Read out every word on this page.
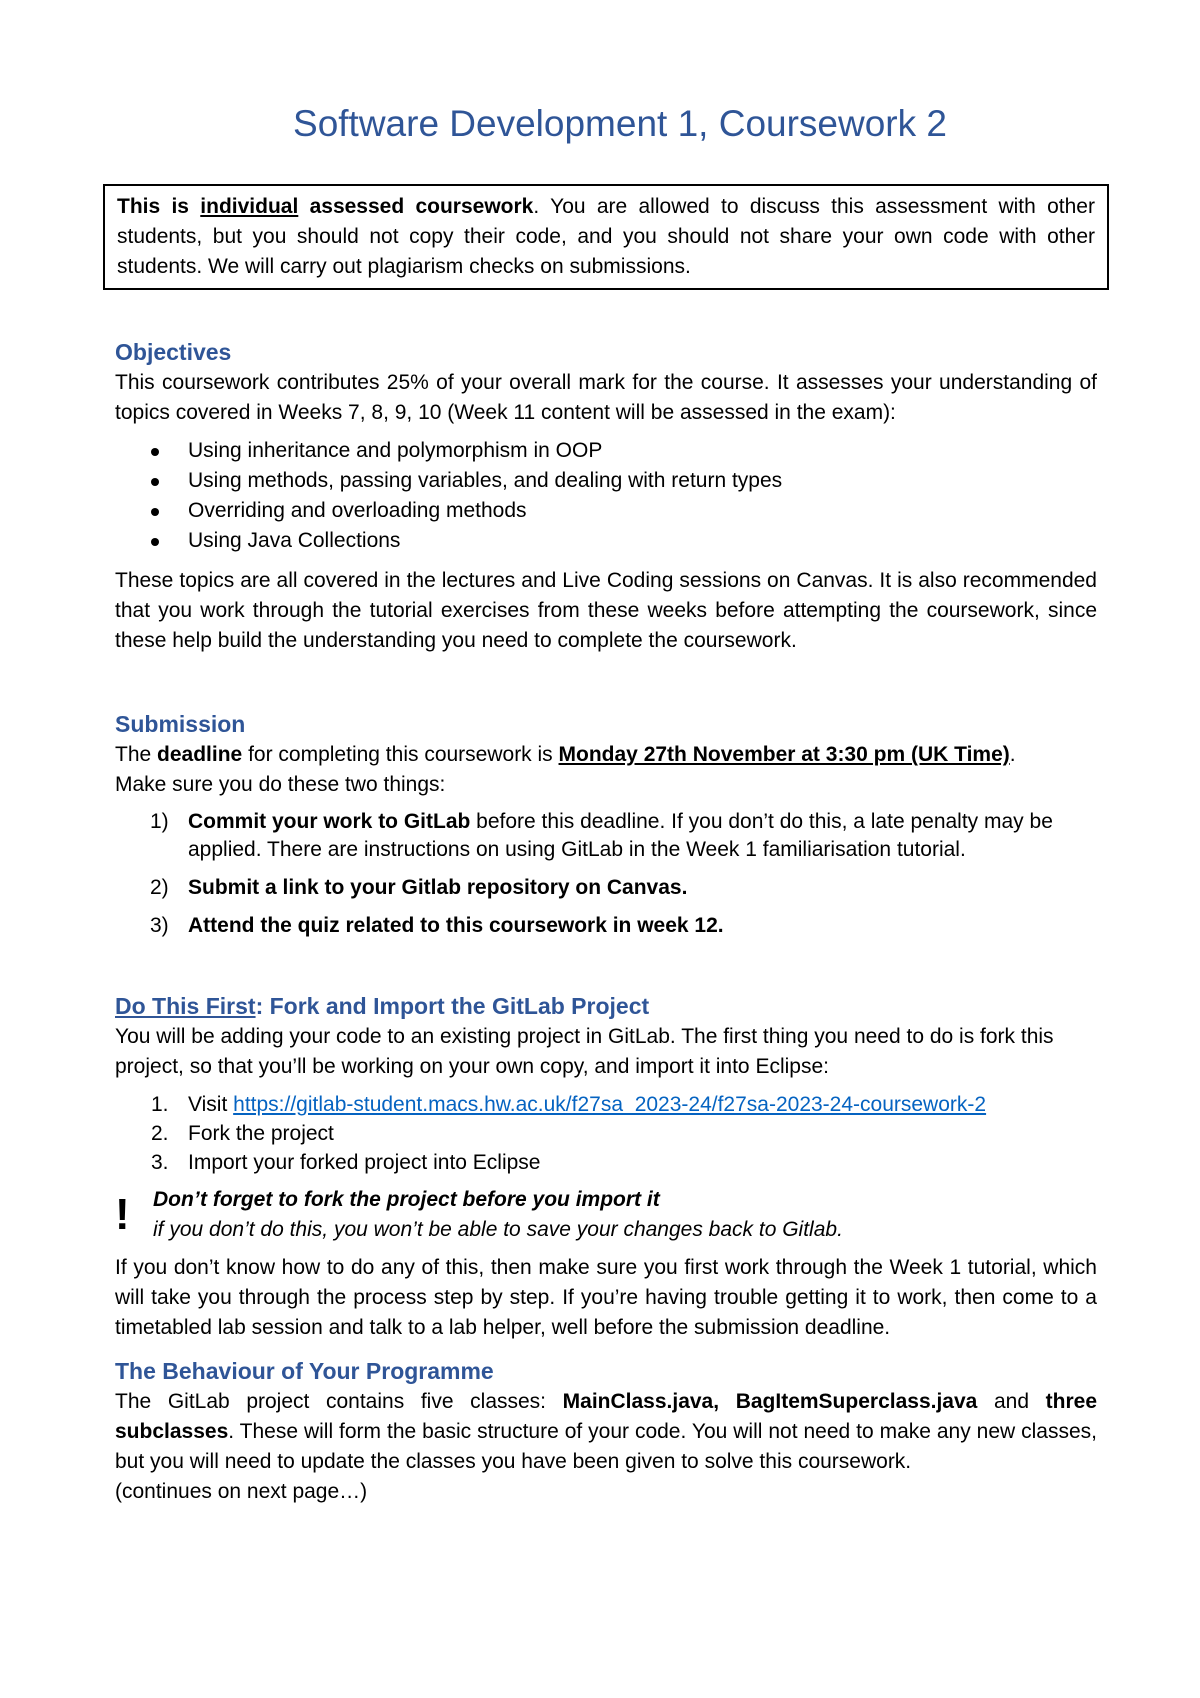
Software Development 1, Coursework 2
This is individual assessed coursework. You are allowed to discuss this assessment with other students, but you should not copy their code, and you should not share your own code with other students. We will carry out plagiarism checks on submissions.
Objectives

This coursework contributes 25% of your overall mark for the course. It assesses your understanding of topics covered in Weeks 7, 8, 9, 10 (Week 11 content will be assessed in the exam):

Using inheritance and polymorphism in OOP
Using methods, passing variables, and dealing with return types
Overriding and overloading methods
Using Java Collections

These topics are all covered in the lectures and Live Coding sessions on Canvas. It is also recommended that you work through the tutorial exercises from these weeks before attempting the coursework, since these help build the understanding you need to complete the coursework.

Submission

The deadline for completing this coursework is Monday 27th November at 3:30 pm (UK Time).

Make sure you do these two things:

1) Commit your work to GitLab before this deadline. If you don’t do this, a late penalty may be applied. There are instructions on using GitLab in the Week 1 familiarisation tutorial.
2) Submit a link to your Gitlab repository on Canvas.
3) Attend the quiz related to this coursework in week 12.
Do This First: Fork and Import the GitLab Project

You will be adding your code to an existing project in GitLab. The first thing you need to do is fork this project, so that you’ll be working on your own copy, and import it into Eclipse:

1. Visit https://gitlab-student.macs.hw.ac.uk/f27sa_2023-24/f27sa-2023-24-coursework-2
2. Fork the project
3. Import your forked project into Eclipse
! Don’t forget to fork the project before you import it
if you don’t do this, you won’t be able to save your changes back to Gitlab.

If you don’t know how to do any of this, then make sure you first work through the Week 1 tutorial, which will take you through the process step by step. If you’re having trouble getting it to work, then come to a timetabled lab session and talk to a lab helper, well before the submission deadline.

The Behaviour of Your Programme

The GitLab project contains five classes: MainClass.java, BagItemSuperclass.java and three subclasses. These will form the basic structure of your code. You will not need to make any new classes, but you will need to update the classes you have been given to solve this coursework.

(continues on next page…)
